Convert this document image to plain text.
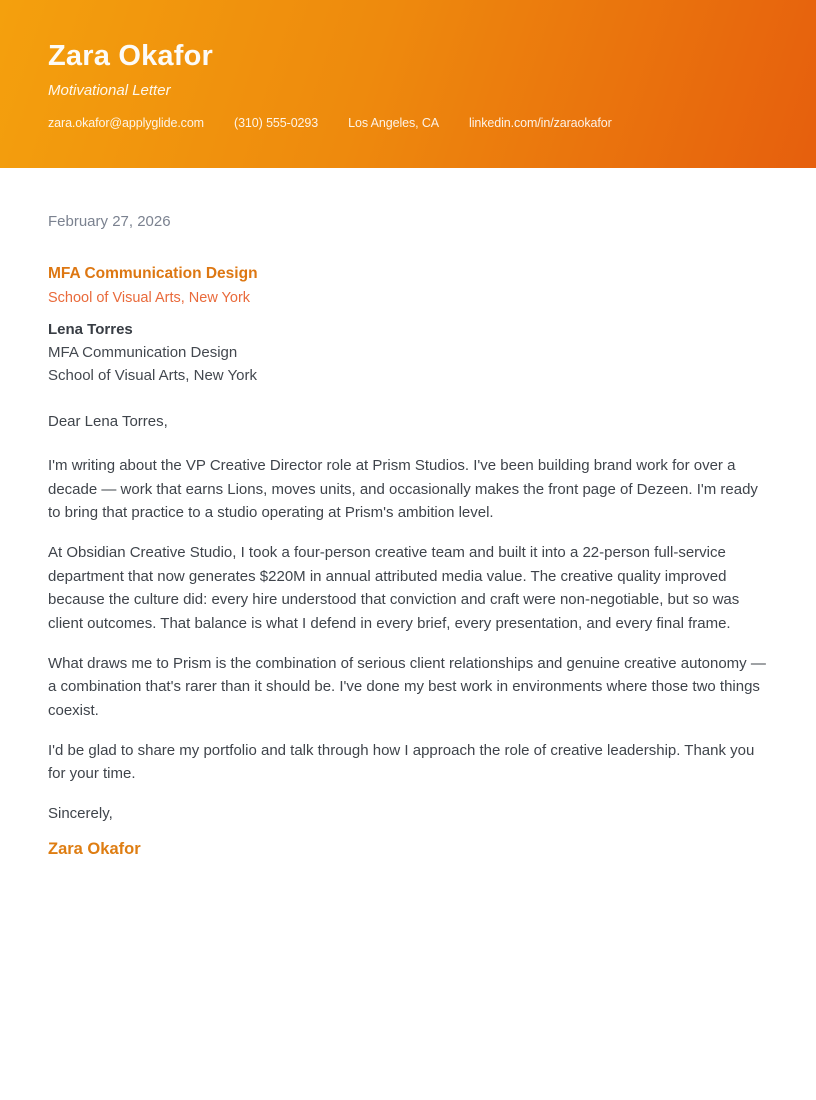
Zara Okafor
Motivational Letter
zara.okafor@applyglide.com (310) 555-0293 Los Angeles, CA linkedin.com/in/zaraokafor
February 27, 2026
MFA Communication Design
School of Visual Arts, New York
Lena Torres
MFA Communication Design
School of Visual Arts, New York

Dear Lena Torres,

I'm writing about the VP Creative Director role at Prism Studios. I've been building brand work for over a decade — work that earns Lions, moves units, and occasionally makes the front page of Dezeen. I'm ready to bring that practice to a studio operating at Prism's ambition level.

At Obsidian Creative Studio, I took a four-person creative team and built it into a 22-person full-service department that now generates $220M in annual attributed media value. The creative quality improved because the culture did: every hire understood that conviction and craft were non-negotiable, but so was client outcomes. That balance is what I defend in every brief, every presentation, and every final frame.

What draws me to Prism is the combination of serious client relationships and genuine creative autonomy — a combination that's rarer than it should be. I've done my best work in environments where those two things coexist.

I'd be glad to share my portfolio and talk through how I approach the role of creative leadership. Thank you for your time.

Sincerely,

Zara Okafor
